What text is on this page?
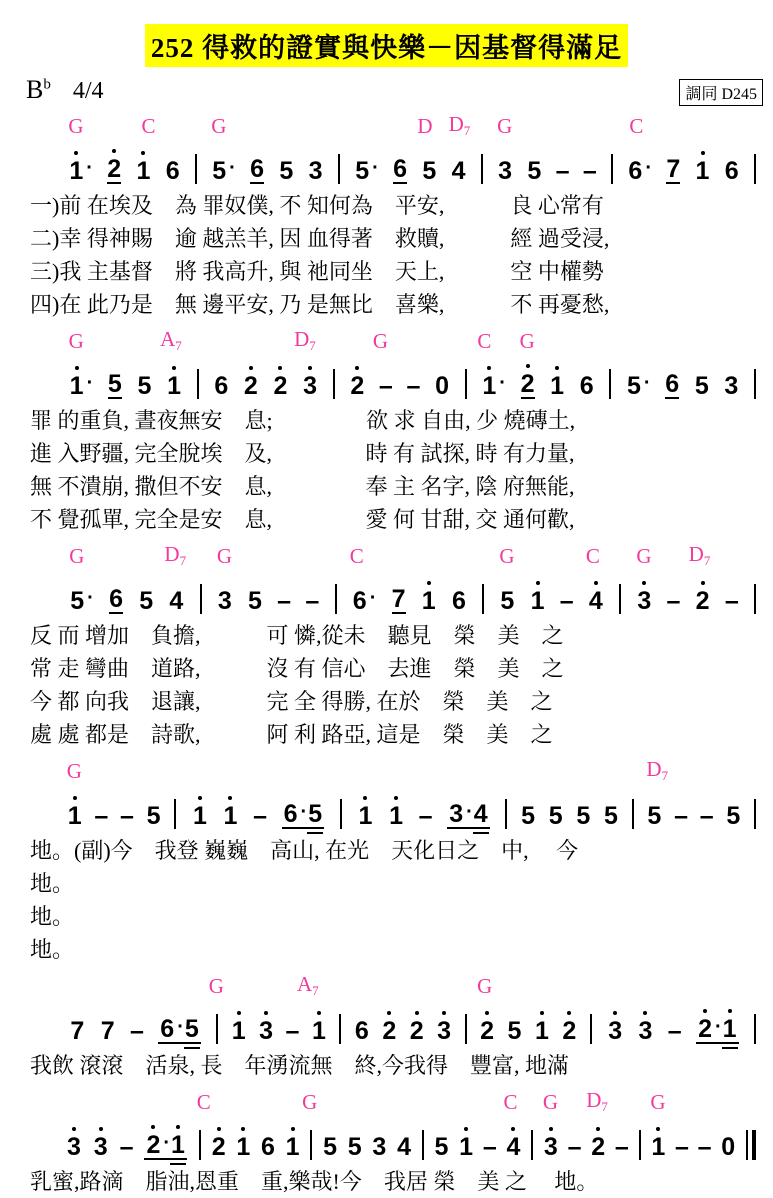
252 得救的證實與快樂－因基督得滿足
$B^b$ 4/4	調同 D245
G	C	G	D $D_7$ G	C
1 · 2 1 6 5 · 6 5 3 5 · 6 5 4 3 5 – – 6 · 7 1 6
一)前 在埃及　為 罪奴僕, 不 知何為　平安,　　　良 心常有
二)幸 得神賜　逾 越羔羊, 因 血得著　救贖,　　　經 過受浸,
三)我 主基督　將 我高升, 與 祂同坐　天上,　　　空 中權勢
四)在 此乃是　無 邊平安, 乃 是無比　喜樂,　　　不 再憂愁,
G	$A_7$	$D_7$	G	C G
1 · 5 5 1 6 2 2 3 2 – – 0 1 · 2 1 6 5 · 6 5 3
罪 的重負, 晝夜無安　息;　　　　 欲 求 自由, 少 燒磚土,
進 入野疆, 完全脫埃　及,　　　　 時 有 試探, 時 有力量,
無 不潰崩, 撒但不安　息,　　　　 奉 主 名字, 陰 府無能,
不 覺孤單, 完全是安　息,　　　　 愛 何 甘甜, 交 通何歡,
G	$D_7$ G	C	G	C G $D_7$
5 · 6 5 4 3 5 – – 6 · 7 1 6 5 1 – 4 3 – 2 –
反 而 增加　負擔,　　　可 憐,從未　聽見　榮　美　之
常 走 彎曲　道路,　　　沒 有 信心　去進　榮　美　之
今 都 向我　退讓,　　　完 全 得勝, 在於　榮　美　之
處 處 都是　詩歌,　　　阿 利 路亞, 這是　榮　美　之
G	$D_7$
1 – – 5 1 1 – 6 · 5 1 1 – 3 · 4 5 5 5 5 5 – – 5
地。(副)今　我登 巍巍　高山, 在光　天化日之　中,　 今
地。
地。
地。
G	$A_7$	G
7 7 – 6 · 5 1 3 – 1 6 2 2 3 2 5 1 2 3 3 – 2 · 1
我飲 滾滾　活泉, 長　年湧流無　終,今我得　豐富, 地滿
C	G	C G $D_7$ G
3 3 – 2 · 1 2 1 6 1 5 5 3 4 5 1 – 4 3 – 2 – 1 – – 0
乳蜜,路滴　脂油,恩重　重,樂哉!今　我居 榮　美 之　 地。
